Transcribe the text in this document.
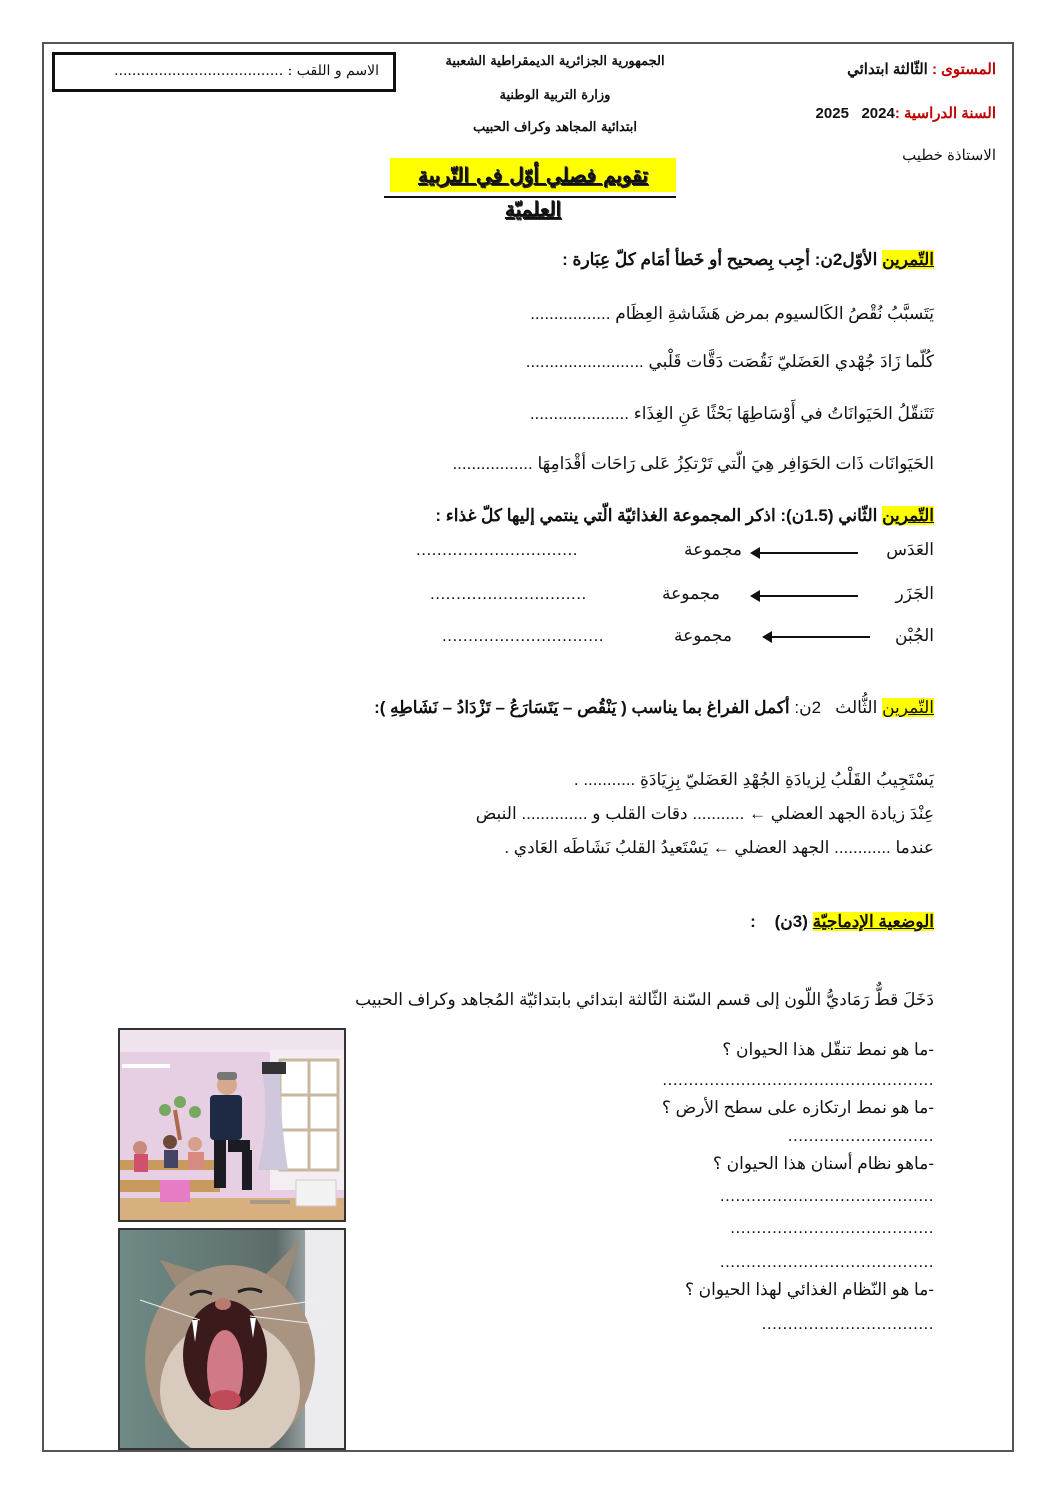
الاسم و اللقب : ......................................
الجمهورية الجزائرية الديمقراطية الشعبية
وزارة التربية الوطنية
ابتدائية المجاهد وكراف الحبيب
المستوى : الثّالثة ابتدائي
السنة الدراسية :2024   2025
الاستاذة خطيب
تقويم فصلي أوّل في التّربية العلميّة
التّمرين الأوّل2ن: أجِب بِصحيح أو خَطأ أمَام كلّ عِبَارة :
يَتَسبَّبُ نُقْصُ الكَالسيوم بمرض هَشَاشةِ العِظَام .................
كُلّما زَادَ جُهْدي العَضَليّ نَقُصَت دَقَّات قَلْبي .........................
تَتَنقّلُ الحَيَوانَاتُ في أَوْسَاطِهَا بَحْثًا عَنِ الغِذَاء .....................
الحَيَوانَات ذَات الحَوَافِر هِيَ الّتي تَرْتكِزُ عَلى رَاحَات أقْدَامِهَا .................
التّمرين الثّاني (1.5ن): اذكر المجموعة الغذائيّة الّتي ينتمي إليها كلّ غذاء :
العَدَس
مجموعة
...............................
الجَزَر
مجموعة
..............................
الجُبْن
مجموعة
...............................
التّمرين الثُّالث   2ن: أكمل الفراغ بما يناسب ( يَنْقُص – يَتَسَارَعُ – تَزْدَادُ – نَشَاطِهِ ):
يَسْتَجِيبُ القَلْبُ لِزيادَةِ الجُهْدِ العَضَليّ بِزِيَادَةِ ........... .
عِنْدَ زيادة الجهد العضلي ← ........... دقات القلب و .............. النبض
عندما ............ الجهد العضلي ← يَسْتَعيدُ القلبُ نَشَاطَه العَادي .
الوضعية الإدماجيّة (3ن)    :
دَخَلَ قطٌّ رَمَاديُّ اللّون إلى قسم السّنة الثّالثة ابتدائي بابتدائيّة المُجاهد وكراف الحبيب
-ما هو نمط تنقّل هذا الحيوان ؟
....................................................
-ما هو نمط ارتكازه على سطح الأرض ؟
............................
-ماهو نظام أسنان هذا الحيوان ؟
.........................................
.......................................
.........................................
-ما هو النّظام الغذائي لهذا الحيوان ؟
.................................
